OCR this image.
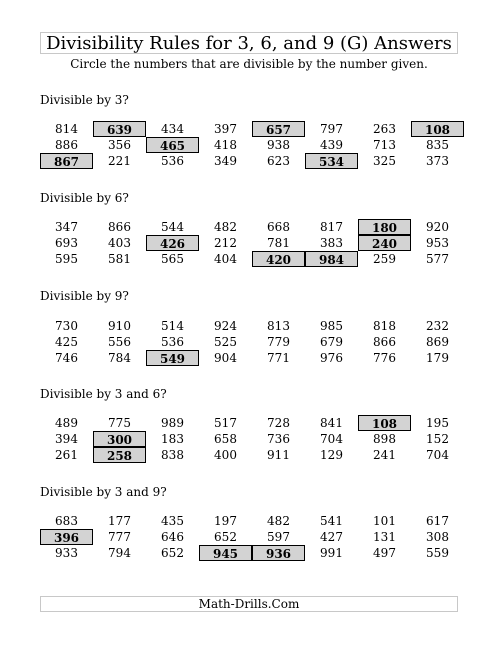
Divisibility Rules for 3, 6, and 9 (G) Answers
Circle the numbers that are divisible by the number given.
Divisible by 3?
814	639	434	397	657	797	263	108
886	356	465	418	938	439	713	835
867	221	536	349	623	534	325	373
Divisible by 6?
347	866	544	482	668	817	180	920
693	403	426	212	781	383	240	953
595	581	565	404	420	984	259	577
Divisible by 9?
730	910	514	924	813	985	818	232
425	556	536	525	779	679	866	869
746	784	549	904	771	976	776	179
Divisible by 3 and 6?
489	775	989	517	728	841	108	195
394	300	183	658	736	704	898	152
261	258	838	400	911	129	241	704
Divisible by 3 and 9?
683	177	435	197	482	541	101	617
396	777	646	652	597	427	131	308
933	794	652	945	936	991	497	559
Math-Drills.Com
